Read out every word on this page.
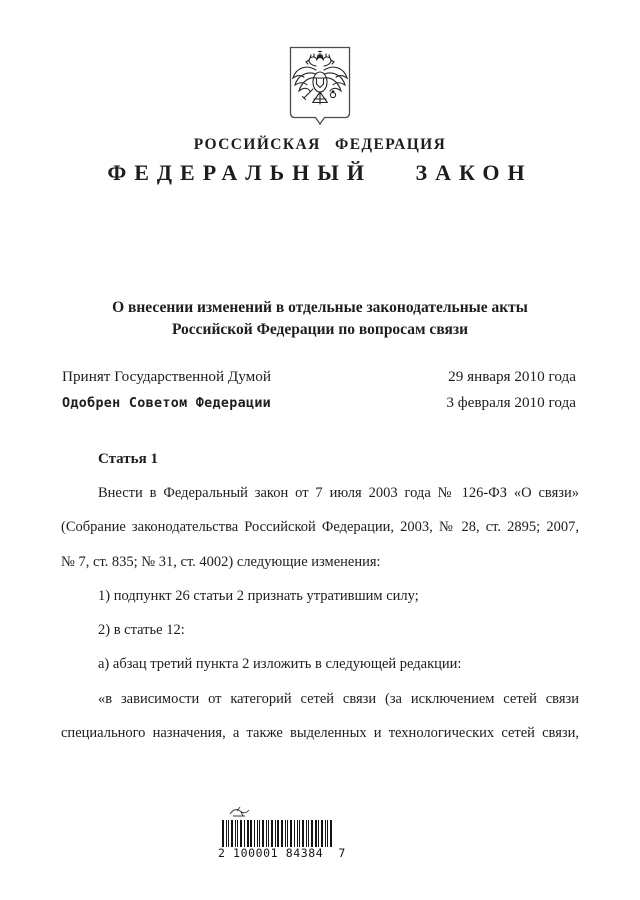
РОССИЙСКАЯ ФЕДЕРАЦИЯ
ФЕДЕРАЛЬНЫЙ ЗАКОН
О внесении изменений в отдельные законодательные акты
Российской Федерации по вопросам связи
Принят Государственной Думой	29 января 2010 года
Одобрен Советом Федерации	3 февраля 2010 года
Статья 1
Внести в Федеральный закон от 7 июля 2003 года № 126-ФЗ «О связи»
(Собрание законодательства Российской Федерации, 2003, № 28, ст. 2895; 2007,
№ 7, ст. 835; № 31, ст. 4002) следующие изменения:
1) подпункт 26 статьи 2 признать утратившим силу;
2) в статье 12:
а) абзац третий пункта 2 изложить в следующей редакции:
«в зависимости от категорий сетей связи (за исключением сетей связи
специального назначения, а также выделенных и технологических сетей связи,
2 100001 84384  7
